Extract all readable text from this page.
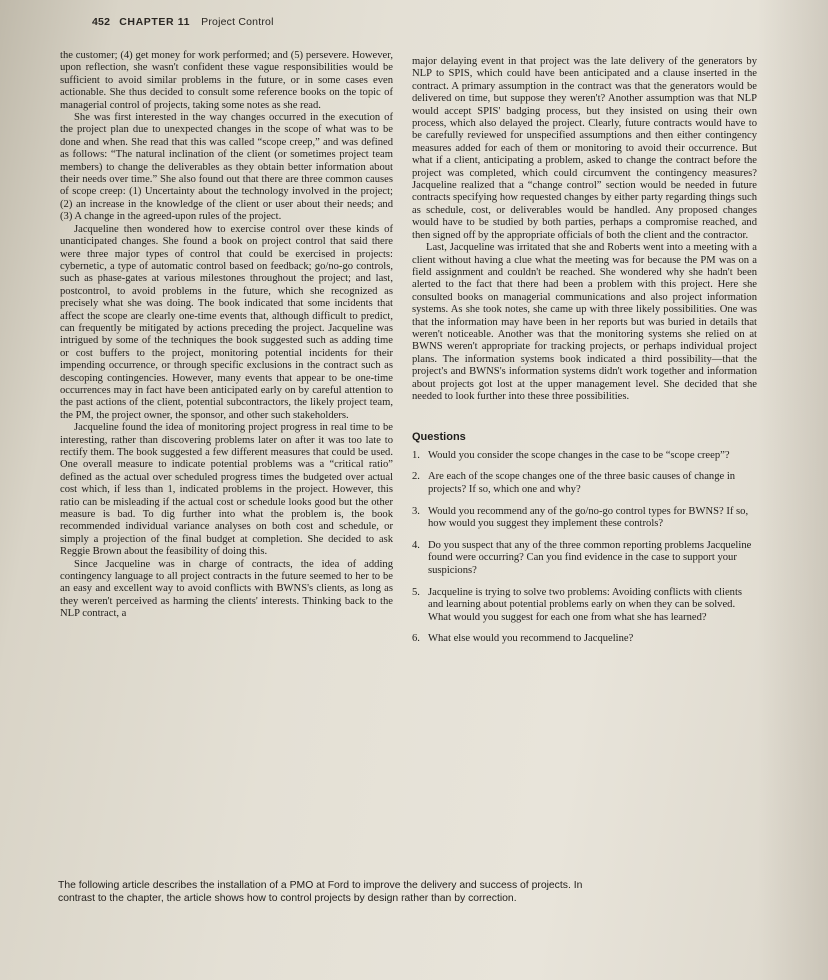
452 CHAPTER 11 Project Control

the customer; (4) get money for work performed; and (5) persevere. However, upon reflection, she wasn't confident these vague responsibilities would be sufficient to avoid similar problems in the future, or in some cases even actionable. She thus decided to consult some reference books on the topic of managerial control of projects, taking some notes as she read.

She was first interested in the way changes occurred in the execution of the project plan due to unexpected changes in the scope of what was to be done and when. She read that this was called “scope creep,” and was defined as follows: “The natural inclination of the client (or sometimes project team members) to change the deliverables as they obtain better information about their needs over time.” She also found out that there are three common causes of scope creep: (1) Uncertainty about the technology involved in the project; (2) an increase in the knowledge of the client or user about their needs; and (3) A change in the agreed-upon rules of the project.

Jacqueline then wondered how to exercise control over these kinds of unanticipated changes. She found a book on project control that said there were three major types of control that could be exercised in projects: cybernetic, a type of automatic control based on feedback; go/no-go controls, such as phase-gates at various milestones throughout the project; and last, postcontrol, to avoid problems in the future, which she recognized as precisely what she was doing. The book indicated that some incidents that affect the scope are clearly one-time events that, although difficult to predict, can frequently be mitigated by actions preceding the project. Jacqueline was intrigued by some of the techniques the book suggested such as adding time or cost buffers to the project, monitoring potential incidents for their impending occurrence, or through specific exclusions in the contract such as descoping contingencies. However, many events that appear to be one-time occurrences may in fact have been anticipated early on by careful attention to the past actions of the client, potential subcontractors, the likely project team, the PM, the project owner, the sponsor, and other such stakeholders.

Jacqueline found the idea of monitoring project progress in real time to be interesting, rather than discovering problems later on after it was too late to rectify them. The book suggested a few different measures that could be used. One overall measure to indicate potential problems was a “critical ratio” defined as the actual over scheduled progress times the budgeted over actual cost which, if less than 1, indicated problems in the project. However, this ratio can be misleading if the actual cost or schedule looks good but the other measure is bad. To dig further into what the problem is, the book recommended individual variance analyses on both cost and schedule, or simply a projection of the final budget at completion. She decided to ask Reggie Brown about the feasibility of doing this.

Since Jacqueline was in charge of contracts, the idea of adding contingency language to all project contracts in the future seemed to her to be an easy and excellent way to avoid conflicts with BWNS's clients, as long as they weren't perceived as harming the clients' interests. Thinking back to the NLP contract, a

major delaying event in that project was the late delivery of the generators by NLP to SPIS, which could have been anticipated and a clause inserted in the contract. A primary assumption in the contract was that the generators would be delivered on time, but suppose they weren't? Another assumption was that NLP would accept SPIS' badging process, but they insisted on using their own process, which also delayed the project. Clearly, future contracts would have to be carefully reviewed for unspecified assumptions and then either contingency measures added for each of them or monitoring to avoid their occurrence. But what if a client, anticipating a problem, asked to change the contract before the project was completed, which could circumvent the contingency measures? Jacqueline realized that a “change control” section would be needed in future contracts specifying how requested changes by either party regarding things such as schedule, cost, or deliverables would be handled. Any proposed changes would have to be studied by both parties, perhaps a compromise reached, and then signed off by the appropriate officials of both the client and the contractor.

Last, Jacqueline was irritated that she and Roberts went into a meeting with a client without having a clue what the meeting was for because the PM was on a field assignment and couldn't be reached. She wondered why she hadn't been alerted to the fact that there had been a problem with this project. Here she consulted books on managerial communications and also project information systems. As she took notes, she came up with three likely possibilities. One was that the information may have been in her reports but was buried in details that weren't noticeable. Another was that the monitoring systems she relied on at BWNS weren't appropriate for tracking projects, or perhaps individual project plans. The information systems book indicated a third possibility—that the project's and BWNS's information systems didn't work together and information about projects got lost at the upper management level. She decided that she needed to look further into these three possibilities.

Questions
1. Would you consider the scope changes in the case to be “scope creep”?
2. Are each of the scope changes one of the three basic causes of change in projects? If so, which one and why?
3. Would you recommend any of the go/no-go control types for BWNS? If so, how would you suggest they implement these controls?
4. Do you suspect that any of the three common reporting problems Jacqueline found were occurring? Can you find evidence in the case to support your suspicions?
5. Jacqueline is trying to solve two problems: Avoiding conflicts with clients and learning about potential problems early on when they can be solved. What would you suggest for each one from what she has learned?
6. What else would you recommend to Jacqueline?
The following article describes the installation of a PMO at Ford to improve the delivery and success of projects. In contrast to the chapter, the article shows how to control projects by design rather than by correction.
